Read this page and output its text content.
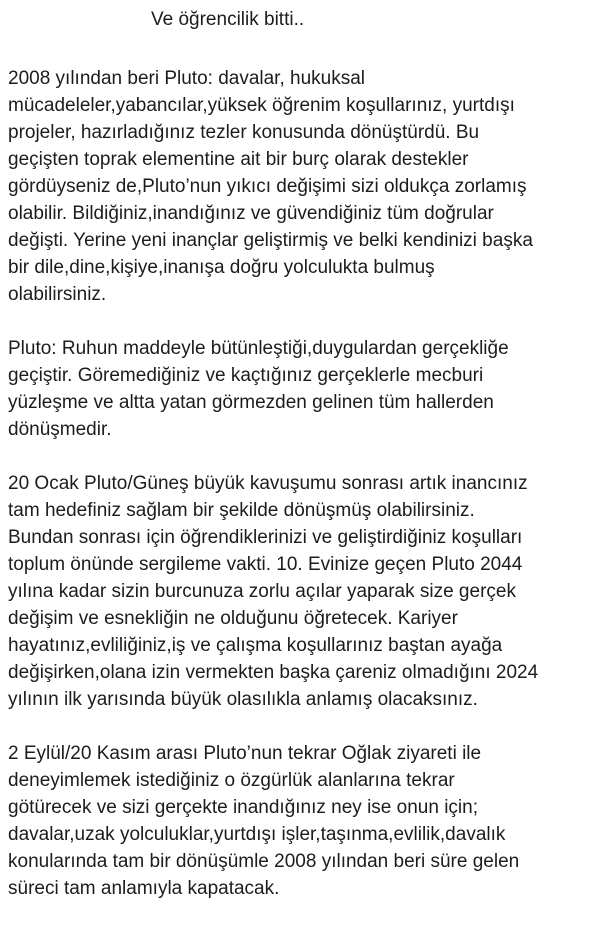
Ve öğrencilik bitti..
2008 yılından beri Pluto: davalar, hukuksal
mücadeleler,yabancılar,yüksek öğrenim koşullarınız, yurtdışı
projeler, hazırladığınız tezler konusunda dönüştürdü. Bu
geçişten toprak elementine ait bir burç olarak destekler
gördüyseniz de,Pluto’nun yıkıcı değişimi sizi oldukça zorlamış
olabilir. Bildiğiniz,inandığınız ve güvendiğiniz tüm doğrular
değişti. Yerine yeni inançlar geliştirmiş ve belki kendinizi başka
bir dile,dine,kişiye,inanışa doğru yolculukta bulmuş
olabilirsiniz.
Pluto: Ruhun maddeyle bütünleştiği,duygulardan gerçekliğe
geçiştir. Göremediğiniz ve kaçtığınız gerçeklerle mecburi
yüzleşme ve altta yatan görmezden gelinen tüm hallerden
dönüşmedir.
20 Ocak Pluto/Güneş büyük kavuşumu sonrası artık inancınız
tam hedefiniz sağlam bir şekilde dönüşmüş olabilirsiniz.
Bundan sonrası için öğrendiklerinizi ve geliştirdiğiniz koşulları
toplum önünde sergileme vakti. 10. Evinize geçen Pluto 2044
yılına kadar sizin burcunuza zorlu açılar yaparak size gerçek
değişim ve esnekliğin ne olduğunu öğretecek. Kariyer
hayatınız,evliliğiniz,iş ve çalışma koşullarınız baştan ayağa
değişirken,olana izin vermekten başka çareniz olmadığını 2024
yılının ilk yarısında büyük olasılıkla anlamış olacaksınız.
2 Eylül/20 Kasım arası Pluto’nun tekrar Oğlak ziyareti ile
deneyimlemek istediğiniz o özgürlük alanlarına tekrar
götürecek ve sizi gerçekte inandığınız ney ise onun için;
davalar,uzak yolculuklar,yurtdışı işler,taşınma,evlilik,davalık
konularında tam bir dönüşümle 2008 yılından beri süre gelen
süreci tam anlamıyla kapatacak.
